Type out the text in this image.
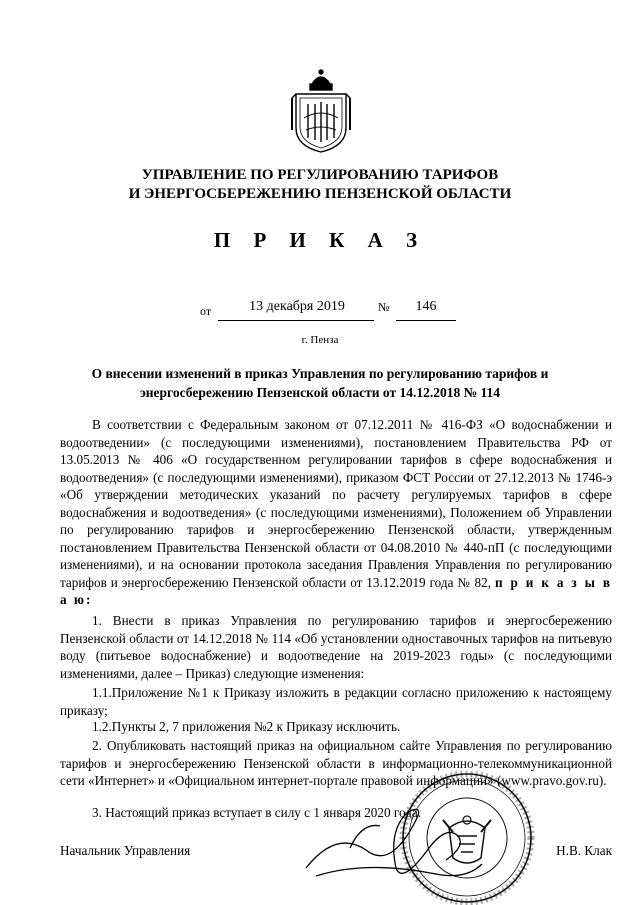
УПРАВЛЕНИЕ ПО РЕГУЛИРОВАНИЮ ТАРИФОВ
И ЭНЕРГОСБЕРЕЖЕНИЮ ПЕНЗЕНСКОЙ ОБЛАСТИ
П Р И К А З
от	13 декабря 2019	№	146
г. Пенза
О внесении изменений в приказ Управления по регулированию тарифов и энергосбережению Пензенской области от 14.12.2018 № 114
В соответствии с Федеральным законом от 07.12.2011 № 416-ФЗ «О водоснабжении и водоотведении» (с последующими изменениями), постановлением Правительства РФ от 13.05.2013 № 406 «О государственном регулировании тарифов в сфере водоснабжения и водоотведения» (с последующими изменениями), приказом ФСТ России от 27.12.2013 № 1746-э «Об утверждении методических указаний по расчету регулируемых тарифов в сфере водоснабжения и водоотведения» (с последующими изменениями), Положением об Управлении по регулированию тарифов и энергосбережению Пензенской области, утвержденным постановлением Правительства Пензенской области от 04.08.2010 № 440-пП (с последующими изменениями), и на основании протокола заседания Правления Управления по регулированию тарифов и энергосбережению Пензенской области от 13.12.2019 года № 82, п р и к а з ы в а ю:
1. Внести в приказ Управления по регулированию тарифов и энергосбережению Пензенской области от 14.12.2018 № 114 «Об установлении одноставочных тарифов на питьевую воду (питьевое водоснабжение) и водоотведение на 2019-2023 годы» (с последующими изменениями, далее – Приказ) следующие изменения:
1.1.Приложение №1 к Приказу изложить в редакции согласно приложению к настоящему приказу;
1.2.Пункты 2, 7 приложения №2 к Приказу исключить.
2. Опубликовать настоящий приказ на официальном сайте Управления по регулированию тарифов и энергосбережению Пензенской области в информационно-телекоммуникационной сети «Интернет» и «Официальном интернет-портале правовой информации» (www.pravo.gov.ru).
3. Настоящий приказ вступает в силу с 1 января 2020 года.
Начальник Управления	Н.В. Клак
